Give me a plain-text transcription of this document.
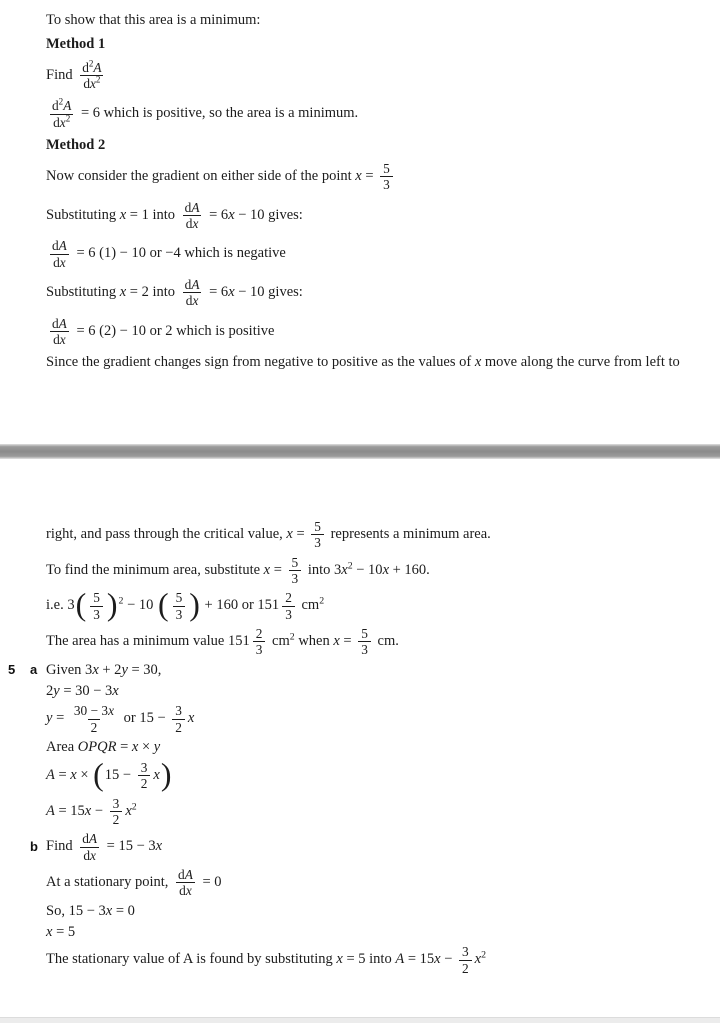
To show that this area is a minimum:
Method 1
Find $\frac{d^2A}{dx^2}$
$\frac{d^2A}{dx^2} = 6$ which is positive, so the area is a minimum.
Method 2
Now consider the gradient on either side of the point $x = \frac{5}{3}$
Substituting x = 1 into $\frac{dA}{dx} = 6x - 10$ gives:
$\frac{dA}{dx} = 6$ (1) − 10 or −4 which is negative
Substituting x = 2 into $\frac{dA}{dx} = 6x - 10$ gives:
$\frac{dA}{dx} = 6$ (2) − 10 or 2 which is positive
Since the gradient changes sign from negative to positive as the values of x move along the curve from left to
right, and pass through the critical value, $x = \frac{5}{3}$ represents a minimum area.
To find the minimum area, substitute $x = \frac{5}{3}$ into $3x^2 - 10x + 160$.
i.e. $3( \frac{5}{3} )^2 - 10$ ( $\frac{5}{3}$ ) + 160 or $151 \frac{2}{3} cm^2$
The area has a minimum value $151 \frac{2}{3} cm^2$ when $x = \frac{5}{3}$ cm.
5	a Given 3x + 2y = 30,
2y = 30 − 3x
$y = \frac{30 - 3x}{2}$ or $15 - \frac{3}{2}$ x
Area OPQR = x × y
$A = x \times (15 - \frac{3}{2} x)$
$A = 15x - \frac{3}{2} x^2$
b Find $\frac{dA}{dx} = 15 - 3x$
At a stationary point, $\frac{dA}{dx} = 0$
So, 15 − 3x = 0
x = 5
The stationary value of A is found by substituting x = 5 into $A = 15x - \frac{3}{2} x^2$
